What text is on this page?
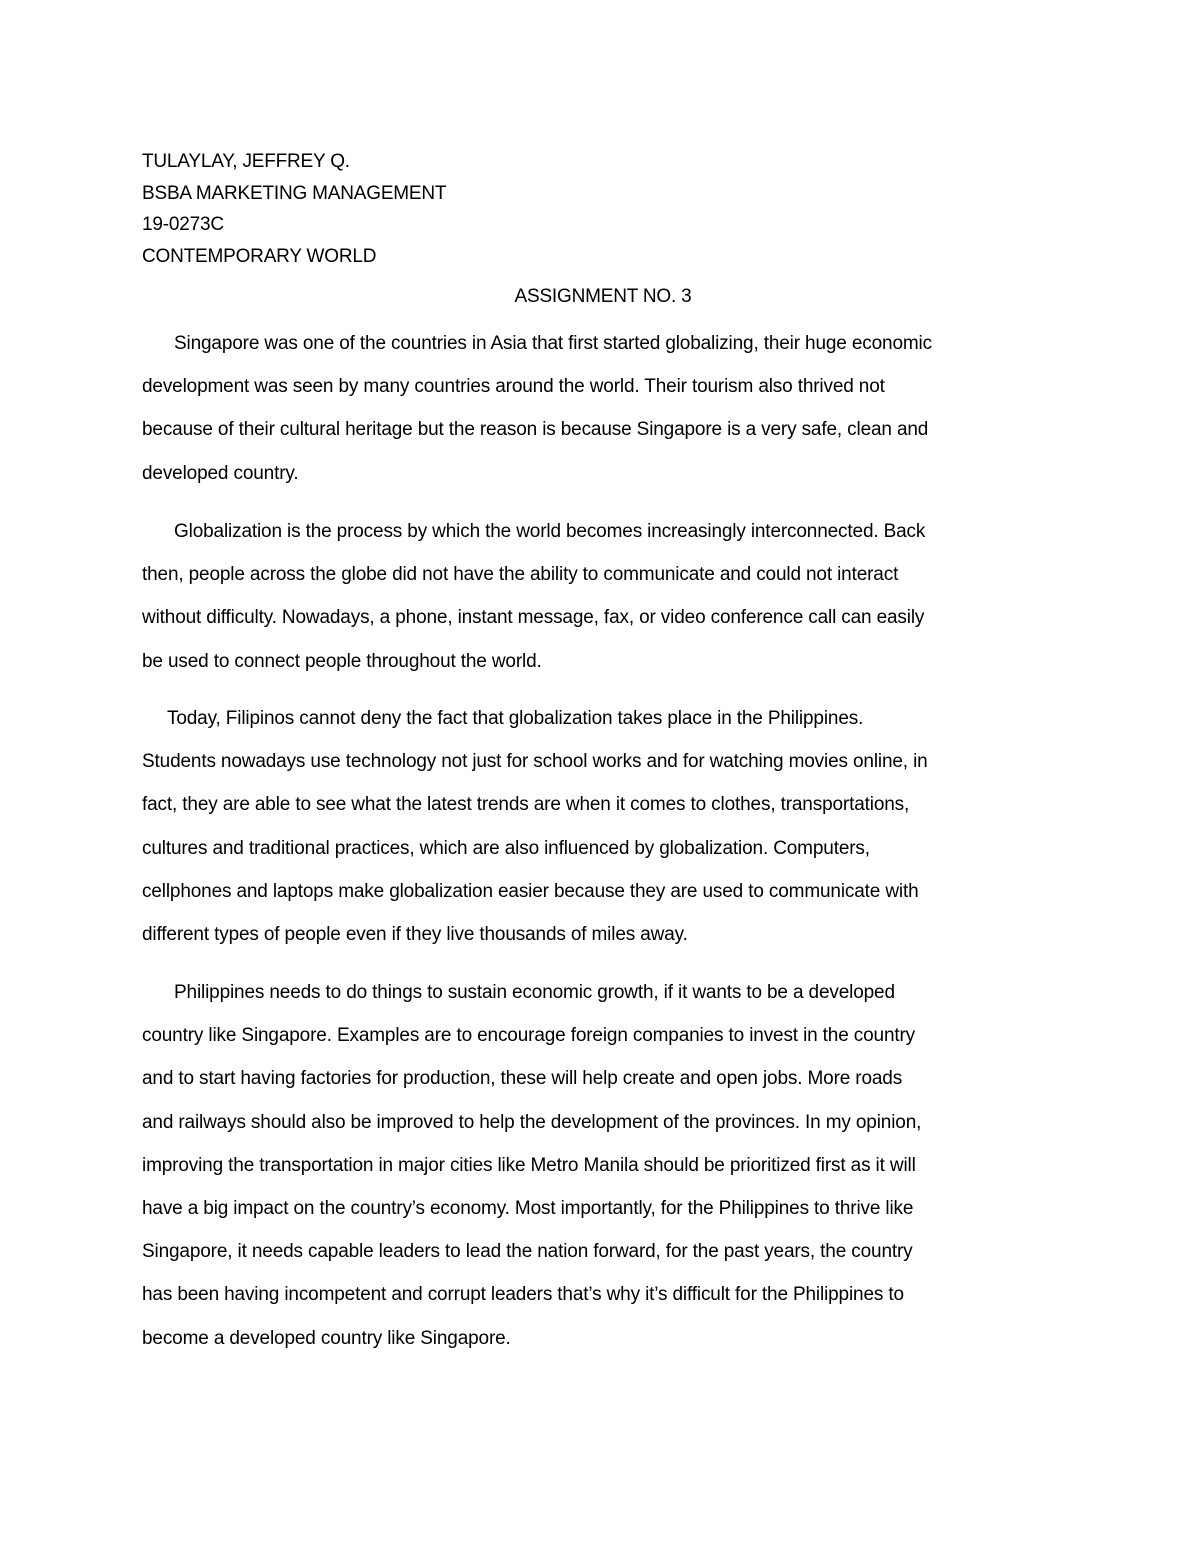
TULAYLAY, JEFFREY Q.
BSBA MARKETING MANAGEMENT
19-0273C
CONTEMPORARY WORLD
ASSIGNMENT NO. 3

Singapore was one of the countries in Asia that first started globalizing, their huge economic
development was seen by many countries around the world. Their tourism also thrived not
because of their cultural heritage but the reason is because Singapore is a very safe, clean and
developed country.

Globalization is the process by which the world becomes increasingly interconnected. Back
then, people across the globe did not have the ability to communicate and could not interact
without difficulty. Nowadays, a phone, instant message, fax, or video conference call can easily
be used to connect people throughout the world.

Today, Filipinos cannot deny the fact that globalization takes place in the Philippines.
Students nowadays use technology not just for school works and for watching movies online, in
fact, they are able to see what the latest trends are when it comes to clothes, transportations,
cultures and traditional practices, which are also influenced by globalization. Computers,
cellphones and laptops make globalization easier because they are used to communicate with
different types of people even if they live thousands of miles away.

Philippines needs to do things to sustain economic growth, if it wants to be a developed
country like Singapore. Examples are to encourage foreign companies to invest in the country
and to start having factories for production, these will help create and open jobs. More roads
and railways should also be improved to help the development of the provinces. In my opinion,
improving the transportation in major cities like Metro Manila should be prioritized first as it will
have a big impact on the country’s economy. Most importantly, for the Philippines to thrive like
Singapore, it needs capable leaders to lead the nation forward, for the past years, the country
has been having incompetent and corrupt leaders that’s why it’s difficult for the Philippines to
become a developed country like Singapore.
